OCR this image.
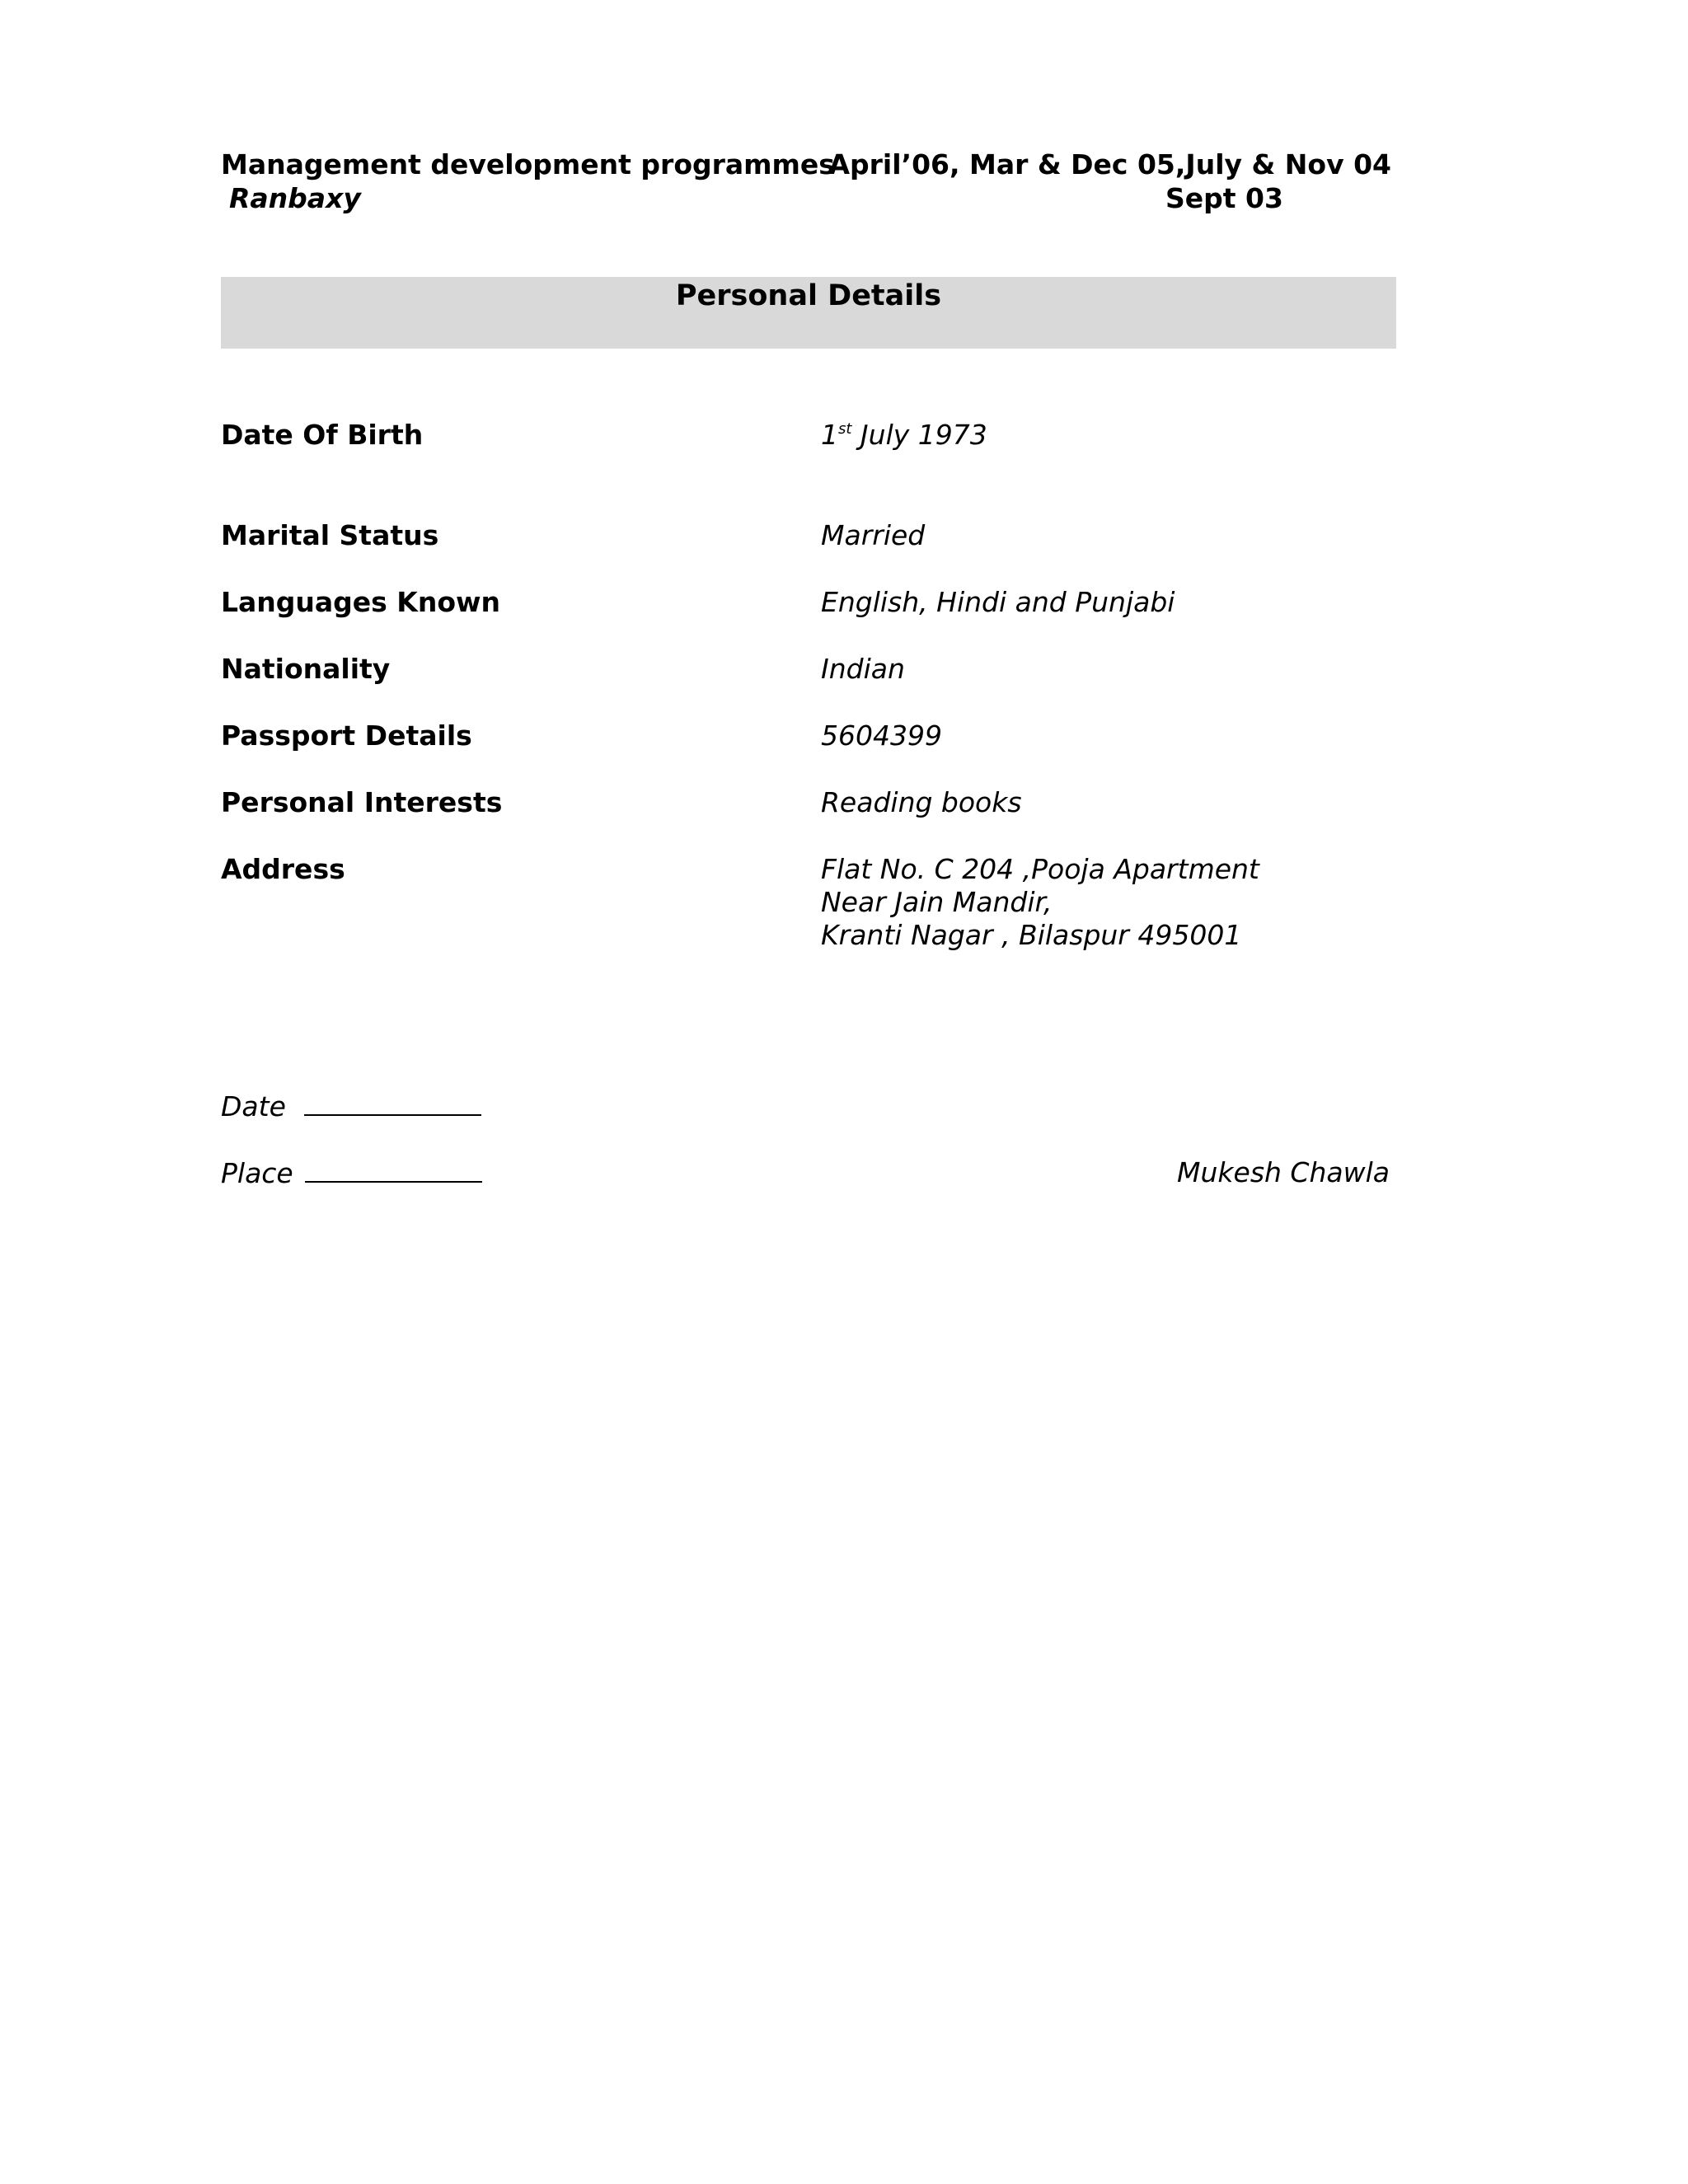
Management development programmes
Ranbaxy
April’06, Mar & Dec 05,July & Nov 04
Sept 03
Personal Details
Date Of Birth	1st July 1973
Marital Status	Married
Languages Known	English, Hindi and Punjabi
Nationality	Indian
Passport Details	5604399
Personal Interests	Reading books
Address	Flat No. C 204 ,Pooja Apartment
Near Jain Mandir,
Kranti Nagar , Bilaspur 495001
Date
Place	Mukesh Chawla
